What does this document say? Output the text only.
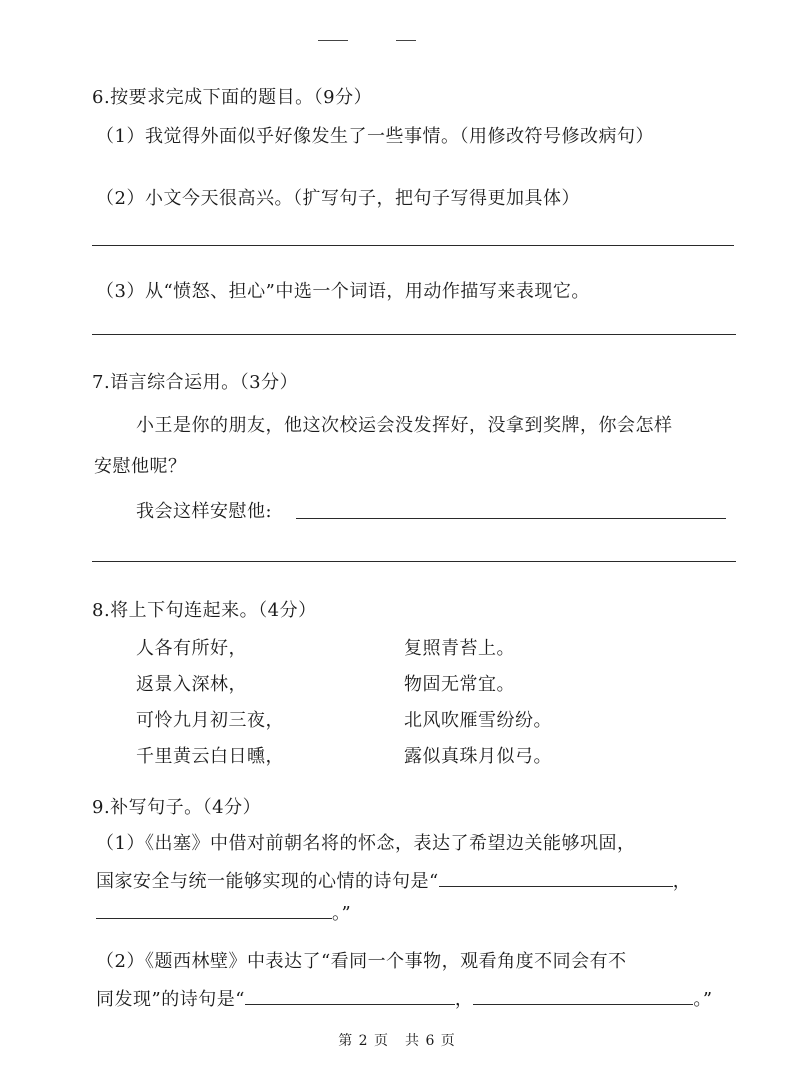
6.按要求完成下面的题目。（9分）
（1）我觉得外面似乎好像发生了一些事情。（用修改符号修改病句）
（2）小文今天很高兴。（扩写句子，把句子写得更加具体）
（3）从“愤怒、担心”中选一个词语，用动作描写来表现它。
7.语言综合运用。（3分）
小王是你的朋友，他这次校运会没发挥好，没拿到奖牌，你会怎样
安慰他呢？
我会这样安慰他:
8.将上下句连起来。（4分）
人各有所好，	复照青苔上。
返景入深林，	物固无常宜。
可怜九月初三夜，	北风吹雁雪纷纷。
千里黄云白日曛，	露似真珠月似弓。
9.补写句子。（4分）
（1）《出塞》中借对前朝名将的怀念，表达了希望边关能够巩固，
国家安全与统一能够实现的心情的诗句是“	，
。”
（2）《题西林壁》中表达了“看同一个事物，观看角度不同会有不
同发现”的诗句是“	，	。”
第 2 页 共 6 页
